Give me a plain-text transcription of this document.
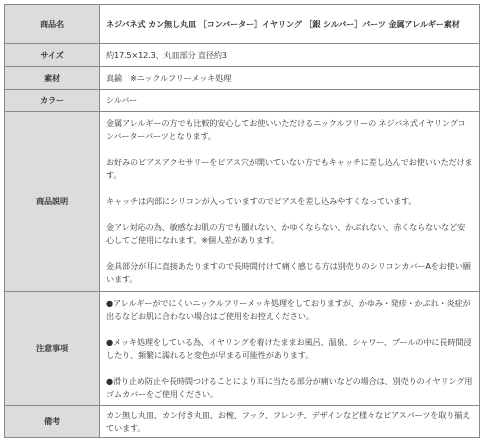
商品名	ネジバネ式 カン無し丸皿 ［コンバーター］イヤリング ［銀 シルバー］パーツ 金属アレルギー素材
サイズ	約17.5×12.3、丸皿部分 直径約3
素材	真鍮　※ニックルフリーメッキ処理
カラー	シルバー
商品説明	金属アレルギーの方でも比較的安心してお使いいただけるニックルフリーの ネジバネ式イヤリングコンバーターパーツとなります。

お好みのピアスアクセサリーをピアス穴が開いていない方でもキャッチに差し込んでお使いいただけます。

キャッチは内部にシリコンが入っていますのでピアスを差し込みやすくなっています。

金アレ対応の為、敏感なお肌の方でも腫れない、かゆくならない、かぶれない、赤くならないなど安心してご使用になれます。※個人差があります。

金具部分が耳に直接あたりますので長時間付けて痛く感じる方は別売りのシリコンカバーAをお使い願います。

注意事項	●アレルギーがでにくいニックルフリーメッキ処理をしておりますが、かゆみ・発疹・かぶれ・炎症が出るなどお肌に合わない場合はご使用をお控えください。

●メッキ処理をしている為、イヤリングを着けたままお風呂、温泉、シャワー、プールの中に長時間浸したり、頻繁に濡れると変色が早まる可能性があります。

●滑り止め防止や長時間つけることにより耳に当たる部分が痛いなどの場合は、別売りのイヤリング用ゴムカバーをご使用ください。

備考	カン無し丸皿、カン付き丸皿、お椀、フック、フレンチ、デザインなど様々なピアスパーツを取り揃えています。
